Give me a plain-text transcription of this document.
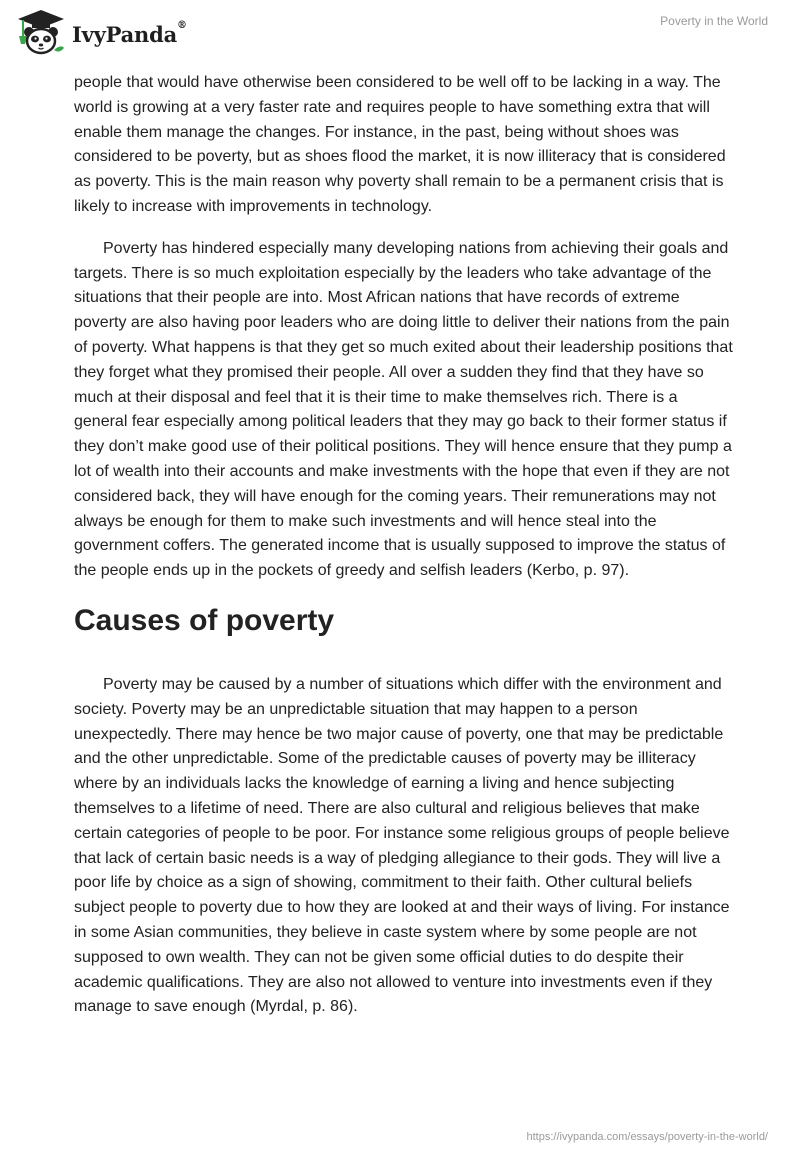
IvyPanda®	Poverty in the World

people that would have otherwise been considered to be well off to be lacking in a way. The world is growing at a very faster rate and requires people to have something extra that will enable them manage the changes. For instance, in the past, being without shoes was considered to be poverty, but as shoes flood the market, it is now illiteracy that is considered as poverty. This is the main reason why poverty shall remain to be a permanent crisis that is likely to increase with improvements in technology.

Poverty has hindered especially many developing nations from achieving their goals and targets. There is so much exploitation especially by the leaders who take advantage of the situations that their people are into. Most African nations that have records of extreme poverty are also having poor leaders who are doing little to deliver their nations from the pain of poverty. What happens is that they get so much exited about their leadership positions that they forget what they promised their people. All over a sudden they find that they have so much at their disposal and feel that it is their time to make themselves rich. There is a general fear especially among political leaders that they may go back to their former status if they don’t make good use of their political positions. They will hence ensure that they pump a lot of wealth into their accounts and make investments with the hope that even if they are not considered back, they will have enough for the coming years. Their remunerations may not always be enough for them to make such investments and will hence steal into the government coffers. The generated income that is usually supposed to improve the status of the people ends up in the pockets of greedy and selfish leaders (Kerbo, p. 97).

Causes of poverty

Poverty may be caused by a number of situations which differ with the environment and society. Poverty may be an unpredictable situation that may happen to a person unexpectedly. There may hence be two major cause of poverty, one that may be predictable and the other unpredictable. Some of the predictable causes of poverty may be illiteracy where by an individuals lacks the knowledge of earning a living and hence subjecting themselves to a lifetime of need. There are also cultural and religious believes that make certain categories of people to be poor. For instance some religious groups of people believe that lack of certain basic needs is a way of pledging allegiance to their gods. They will live a poor life by choice as a sign of showing, commitment to their faith. Other cultural beliefs subject people to poverty due to how they are looked at and their ways of living. For instance in some Asian communities, they believe in caste system where by some people are not supposed to own wealth. They can not be given some official duties to do despite their academic qualifications. They are also not allowed to venture into investments even if they manage to save enough (Myrdal, p. 86).

https://ivypanda.com/essays/poverty-in-the-world/
